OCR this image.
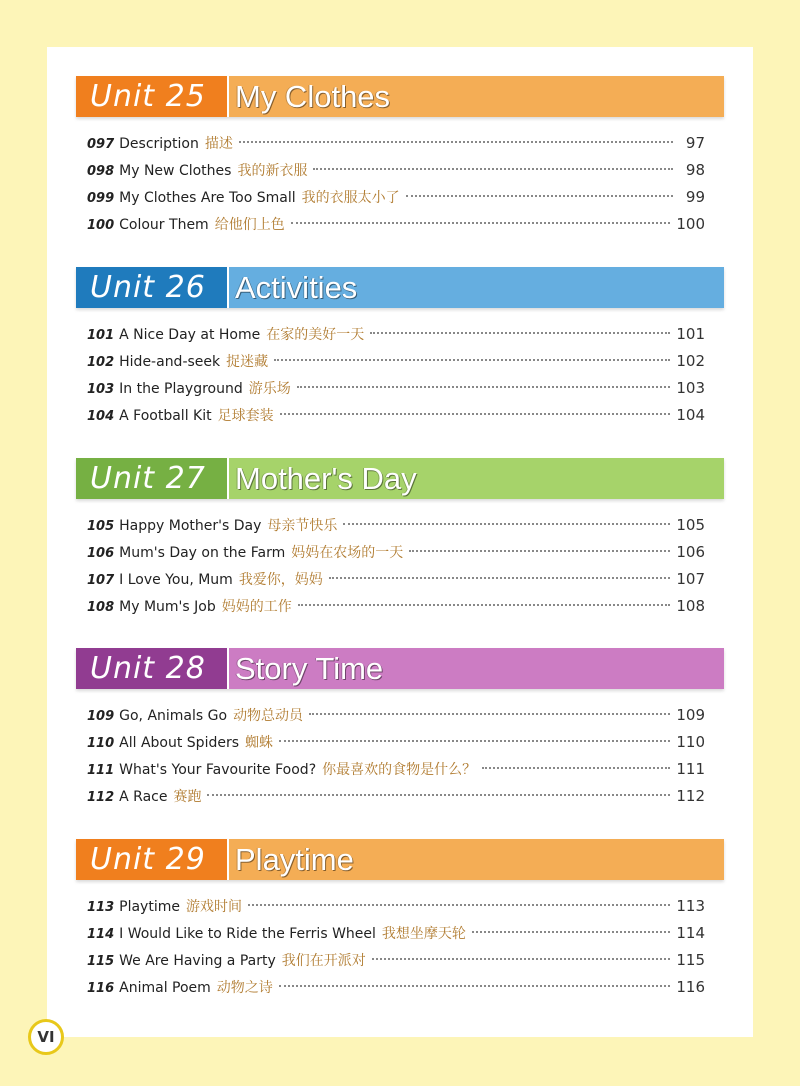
Unit 25 My Clothes
097 Description 描述	97
098 My New Clothes 我的新衣服	98
099 My Clothes Are Too Small 我的衣服太小了	99
100 Colour Them 给他们上色	100
Unit 26 Activities
101 A Nice Day at Home 在家的美好一天	101
102 Hide-and-seek 捉迷藏	102
103 In the Playground 游乐场	103
104 A Football Kit 足球套装	104
Unit 27 Mother's Day
105 Happy Mother's Day 母亲节快乐	105
106 Mum's Day on the Farm 妈妈在农场的一天	106
107 I Love You, Mum 我爱你，妈妈	107
108 My Mum's Job 妈妈的工作	108
Unit 28 Story Time
109 Go, Animals Go 动物总动员	109
110 All About Spiders 蜘蛛	110
111 What's Your Favourite Food? 你最喜欢的食物是什么？	111
112 A Race 赛跑	112
Unit 29 Playtime
113 Playtime 游戏时间	113
114 I Would Like to Ride the Ferris Wheel 我想坐摩天轮	114
115 We Are Having a Party 我们在开派对	115
116 Animal Poem 动物之诗	116
VI
